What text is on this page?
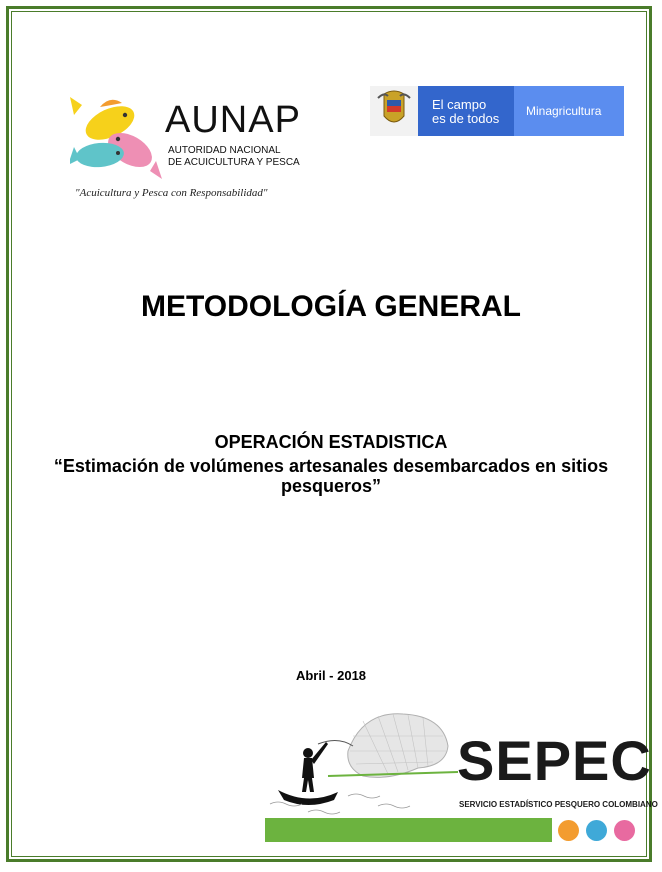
AUNAP
AUTORIDAD NACIONAL
DE ACUICULTURA Y PESCA
"Acuicultura y Pesca con Responsabilidad"
El campo
es de todos Minagricultura
METODOLOGÍA GENERAL
OPERACIÓN ESTADISTICA
“Estimación de volúmenes artesanales desembarcados en sitios pesqueros”
Abril - 2018
SEPEC
SERVICIO ESTADÍSTICO PESQUERO COLOMBIANO
